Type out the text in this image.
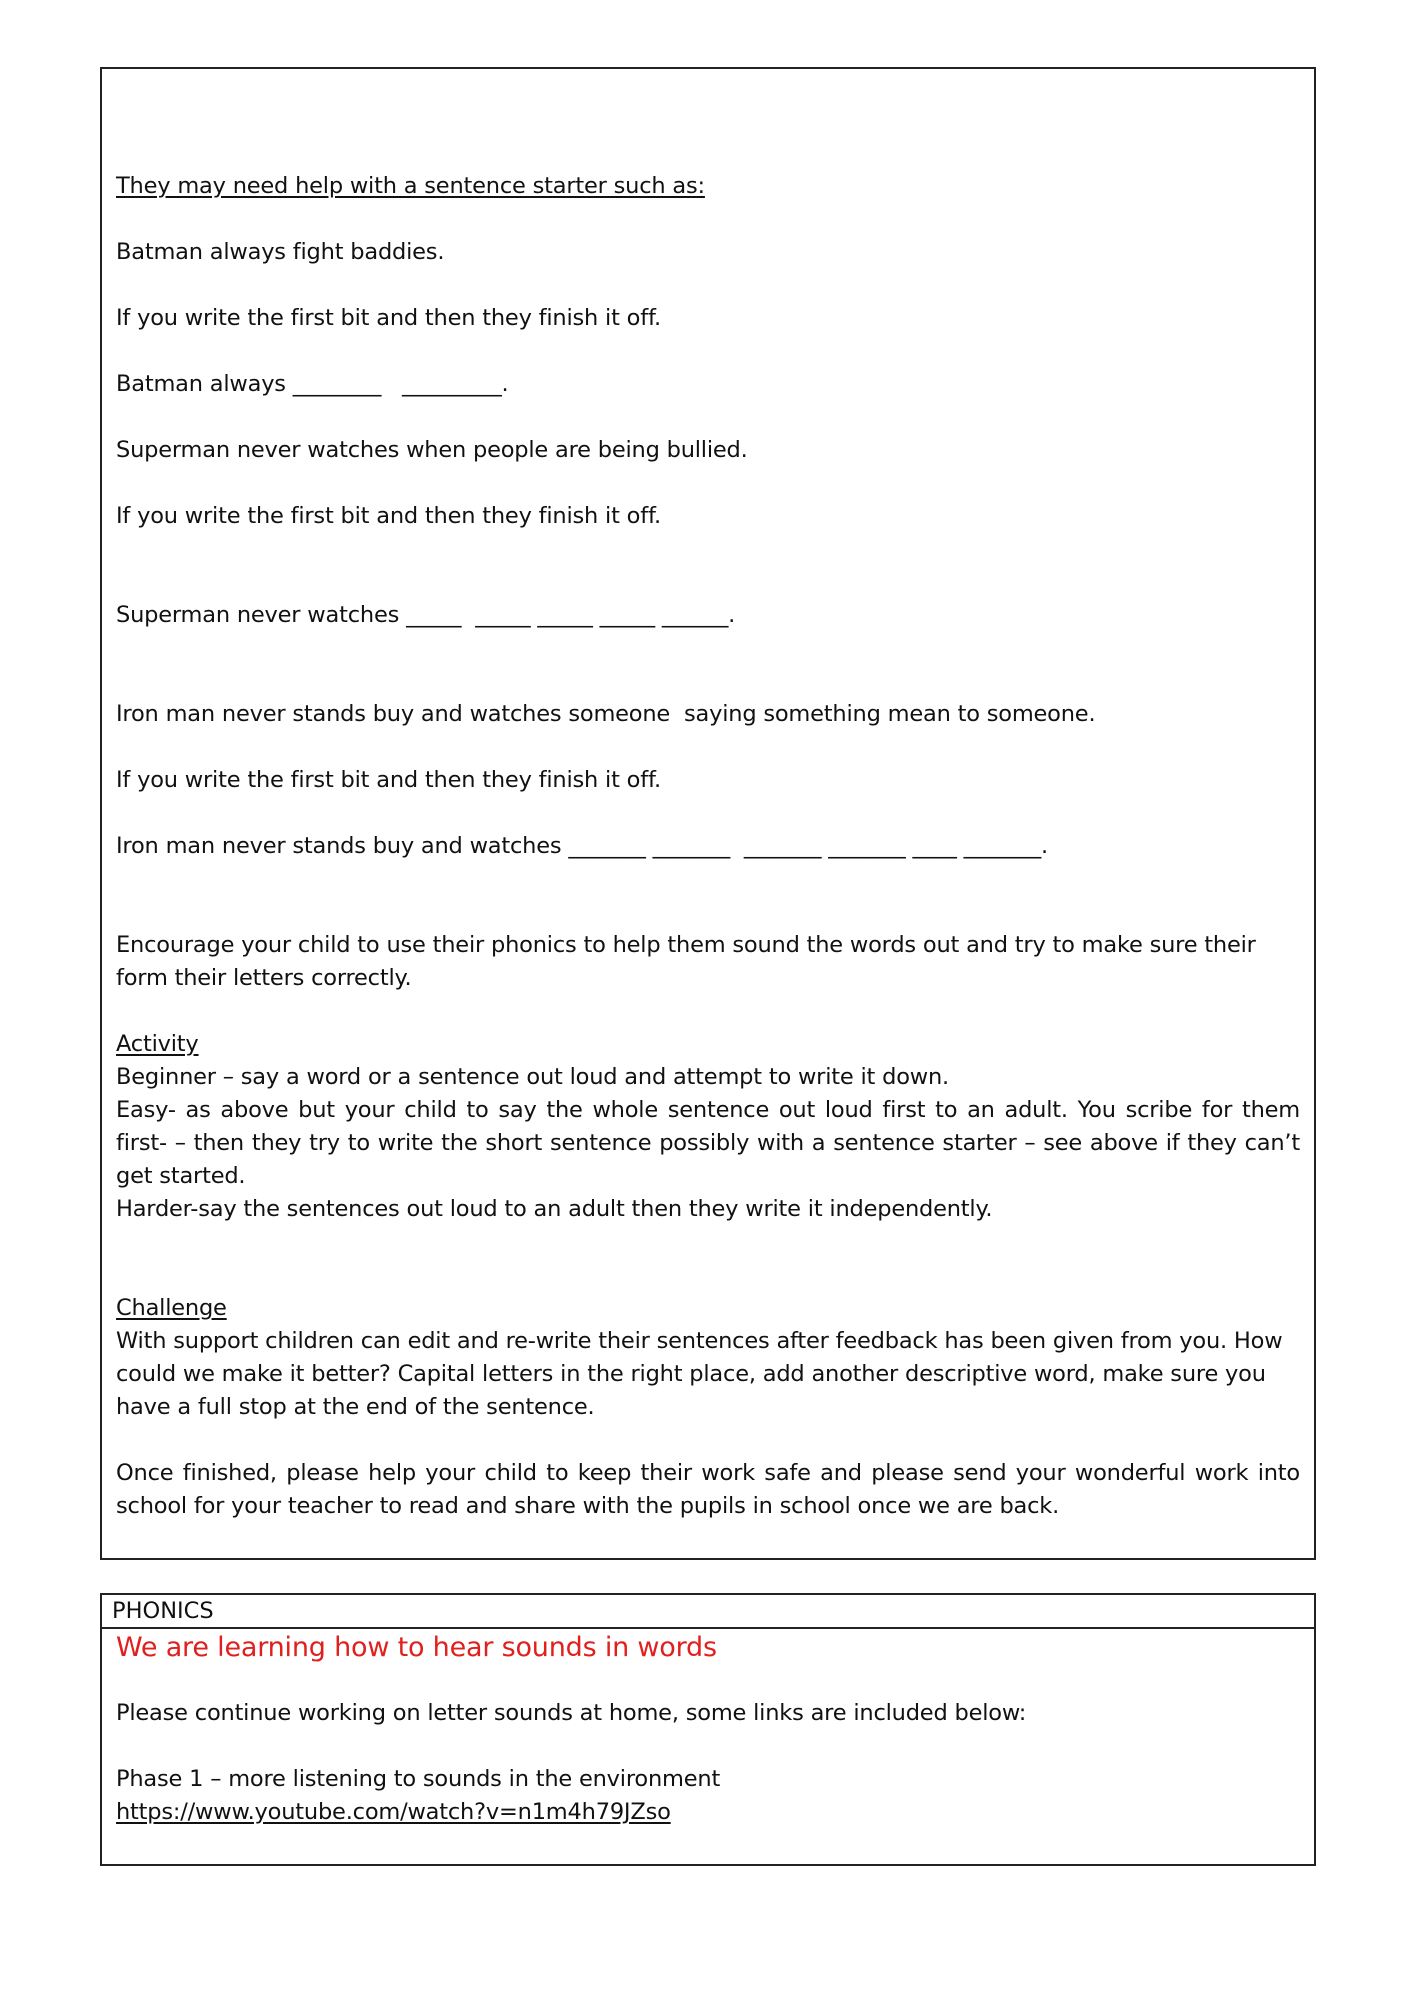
They may need help with a sentence starter such as:
Batman always fight baddies.
If you write the first bit and then they finish it off.
Batman always ________   _________.
Superman never watches when people are being bullied.
If you write the first bit and then they finish it off.
Superman never watches _____  _____ _____ _____ ______.
Iron man never stands buy and watches someone  saying something mean to someone.
If you write the first bit and then they finish it off.
Iron man never stands buy and watches _______ _______  _______ _______ ____ _______.
Encourage your child to use their phonics to help them sound the words out and try to make sure their form their letters correctly.
Activity
Beginner – say a word or a sentence out loud and attempt to write it down.
Easy- as above but your child to say the whole sentence out loud first to an adult. You scribe for them first- – then they try to write the short sentence possibly with a sentence starter – see above if they can’t get started.
Harder-say the sentences out loud to an adult then they write it independently.
Challenge
With support children can edit and re-write their sentences after feedback has been given from you. How could we make it better? Capital letters in the right place, add another descriptive word, make sure you have a full stop at the end of the sentence.
Once finished, please help your child to keep their work safe and please send your wonderful work into school for your teacher to read and share with the pupils in school once we are back.
PHONICS
We are learning how to hear sounds in words
Please continue working on letter sounds at home, some links are included below:
Phase 1 – more listening to sounds in the environment
https://www.youtube.com/watch?v=n1m4h79JZso
